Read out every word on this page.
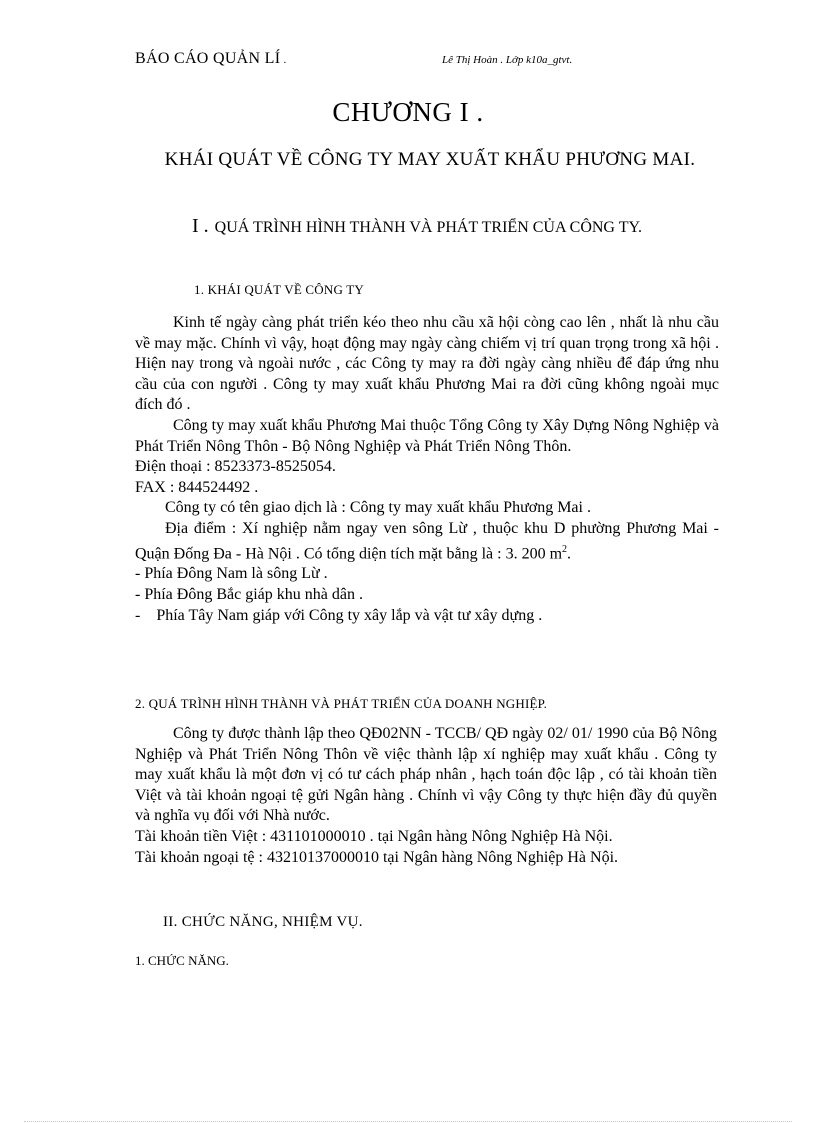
BÁO CÁO QUẢN LÍ .	Lê Thị Hoàn . Lớp k10a_gtvt.
CHƯƠNG I .
KHÁI QUÁT VỀ CÔNG TY MAY XUẤT KHẨU PHƯƠNG MAI.
I . QUÁ TRÌNH HÌNH THÀNH VÀ PHÁT TRIỂN CỦA CÔNG TY.
1. KHÁI QUÁT VỀ CÔNG TY

Kinh tế ngày càng phát triển kéo theo nhu cầu xã hội còng cao lên , nhất là nhu cầu về may mặc. Chính vì vậy, hoạt động may ngày càng chiếm vị trí quan trọng trong xã hội . Hiện nay trong và ngoài nước , các Công ty may ra đời ngày càng nhiều để đáp ứng nhu cầu của con người . Công ty may xuất khẩu Phương Mai ra đời cũng không ngoài mục đích đó .

Công ty may xuất khẩu Phương Mai thuộc Tổng Công ty Xây Dựng Nông Nghiệp và Phát Triển Nông Thôn - Bộ Nông Nghiệp và Phát Triển Nông Thôn.

Điện thoại : 8523373-8525054.

FAX : 844524492 .

Công ty có tên giao dịch là : Công ty may xuất khẩu Phương Mai .

Địa điểm : Xí nghiệp nằm ngay ven sông Lừ , thuộc khu D phường Phương Mai - Quận Đống Đa - Hà Nội . Có tổng diện tích mặt bằng là : 3. 200 $m^2$.

- Phía Đông Nam là sông Lừ .

- Phía Đông Bắc giáp khu nhà dân .

- Phía Tây Nam giáp với Công ty xây lắp và vật tư xây dựng .

2. QUÁ TRÌNH HÌNH THÀNH VÀ PHÁT TRIỂN CỦA DOANH NGHIỆP.

Công ty được thành lập theo QĐ02NN - TCCB/ QĐ ngày 02/ 01/ 1990 của Bộ Nông Nghiệp và Phát Triển Nông Thôn về việc thành lập xí nghiệp may xuất khẩu . Công ty may xuất khẩu là một đơn vị có tư cách pháp nhân , hạch toán độc lập , có tài khoản tiền Việt và tài khoản ngoại tệ gửi Ngân hàng . Chính vì vậy Công ty thực hiện đầy đủ quyền và nghĩa vụ đối với Nhà nước.

Tài khoản tiền Việt : 431101000010 . tại Ngân hàng Nông Nghiệp Hà Nội.

Tài khoản ngoại tệ : 43210137000010 tại Ngân hàng Nông Nghiệp Hà Nội.

II. CHỨC NĂNG, NHIỆM VỤ.
1. CHỨC NĂNG.
